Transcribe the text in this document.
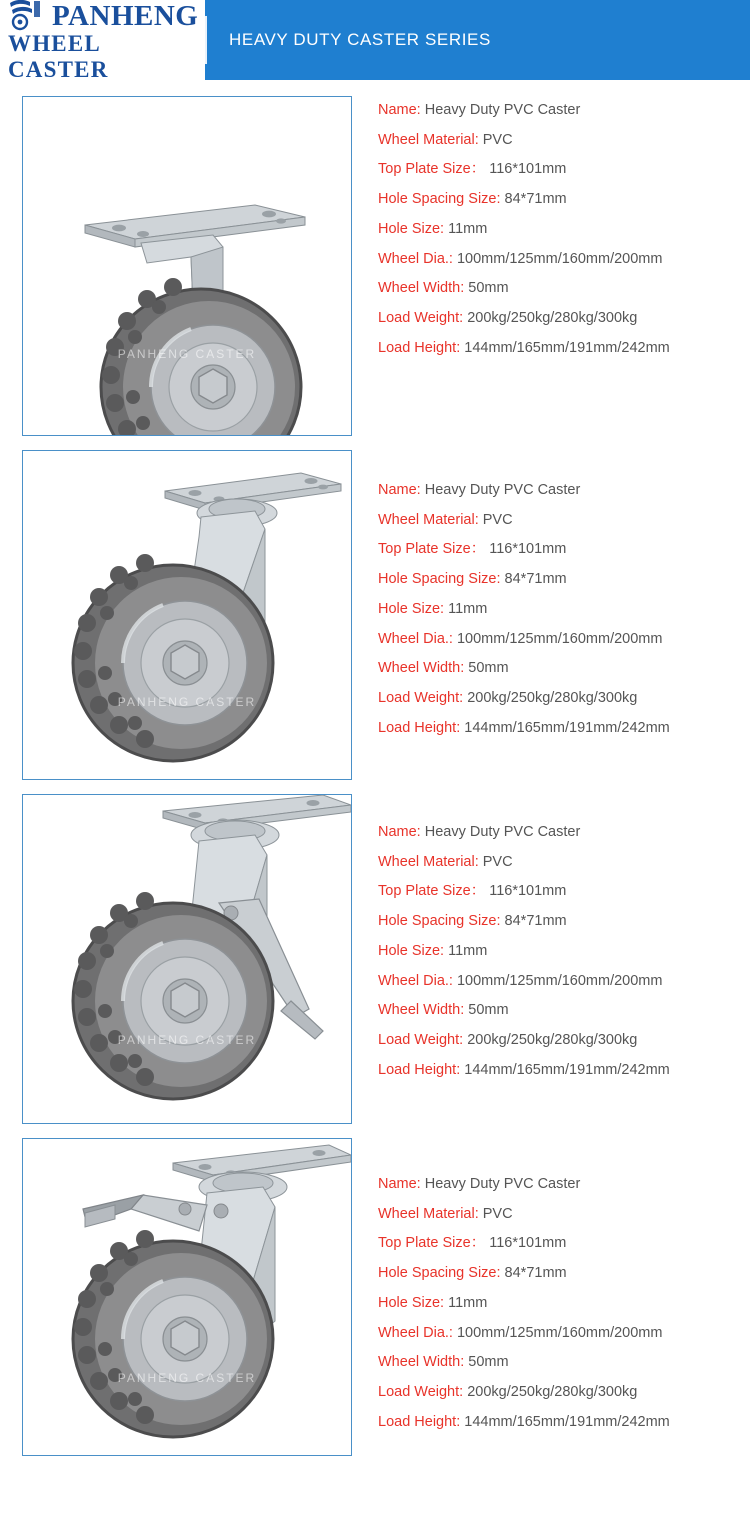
PANHENG
WHEEL CASTER
HEAVY DUTY CASTER SERIES
PANHENG CASTER
Name: Heavy Duty PVC Caster
Wheel Material: PVC
Top Plate Size： 116*101mm
Hole Spacing Size: 84*71mm
Hole Size: 11mm
Wheel Dia.: 100mm/125mm/160mm/200mm
Wheel Width: 50mm
Load Weight: 200kg/250kg/280kg/300kg
Load Height: 144mm/165mm/191mm/242mm
PANHENG CASTER
Name: Heavy Duty PVC Caster
Wheel Material: PVC
Top Plate Size： 116*101mm
Hole Spacing Size: 84*71mm
Hole Size: 11mm
Wheel Dia.: 100mm/125mm/160mm/200mm
Wheel Width: 50mm
Load Weight: 200kg/250kg/280kg/300kg
Load Height: 144mm/165mm/191mm/242mm
PANHENG CASTER
Name: Heavy Duty PVC Caster
Wheel Material: PVC
Top Plate Size： 116*101mm
Hole Spacing Size: 84*71mm
Hole Size: 11mm
Wheel Dia.: 100mm/125mm/160mm/200mm
Wheel Width: 50mm
Load Weight: 200kg/250kg/280kg/300kg
Load Height: 144mm/165mm/191mm/242mm
PANHENG CASTER
Name: Heavy Duty PVC Caster
Wheel Material: PVC
Top Plate Size： 116*101mm
Hole Spacing Size: 84*71mm
Hole Size: 11mm
Wheel Dia.: 100mm/125mm/160mm/200mm
Wheel Width: 50mm
Load Weight: 200kg/250kg/280kg/300kg
Load Height: 144mm/165mm/191mm/242mm
